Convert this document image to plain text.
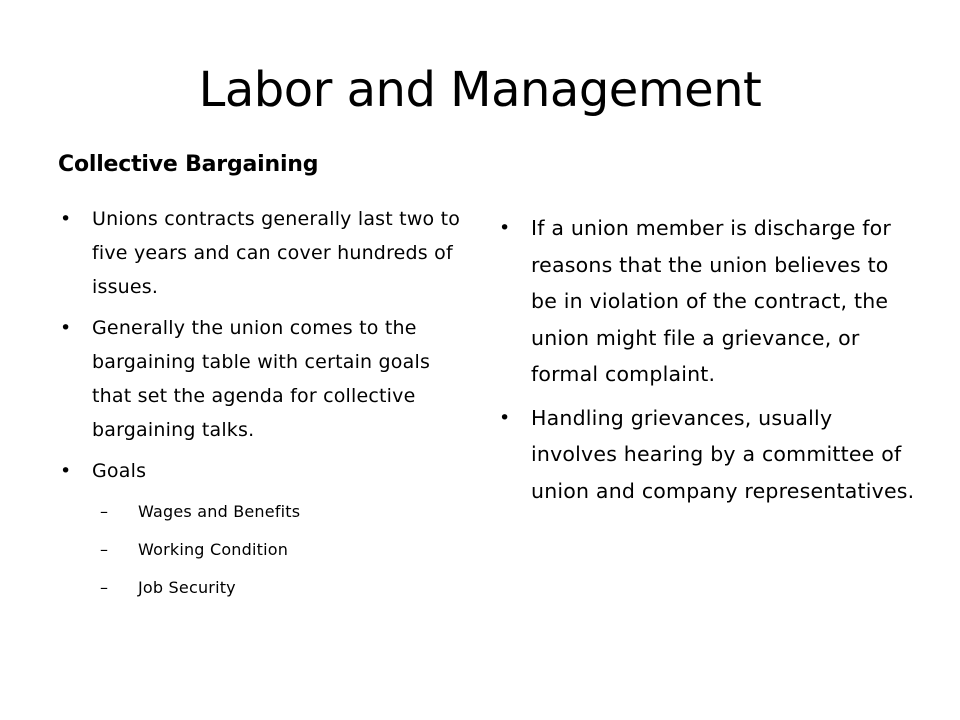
Labor and Management
Collective Bargaining
• Unions contracts generally last two to five years and can cover hundreds of issues.
• Generally the union comes to the bargaining table with certain goals that set the agenda for collective bargaining talks.
• Goals
– Wages and Benefits
– Working Condition
– Job Security
• If a union member is discharge for reasons that the union believes to be in violation of the contract, the union might file a grievance, or formal complaint.
• Handling grievances, usually involves hearing by a committee of union and company representatives.
